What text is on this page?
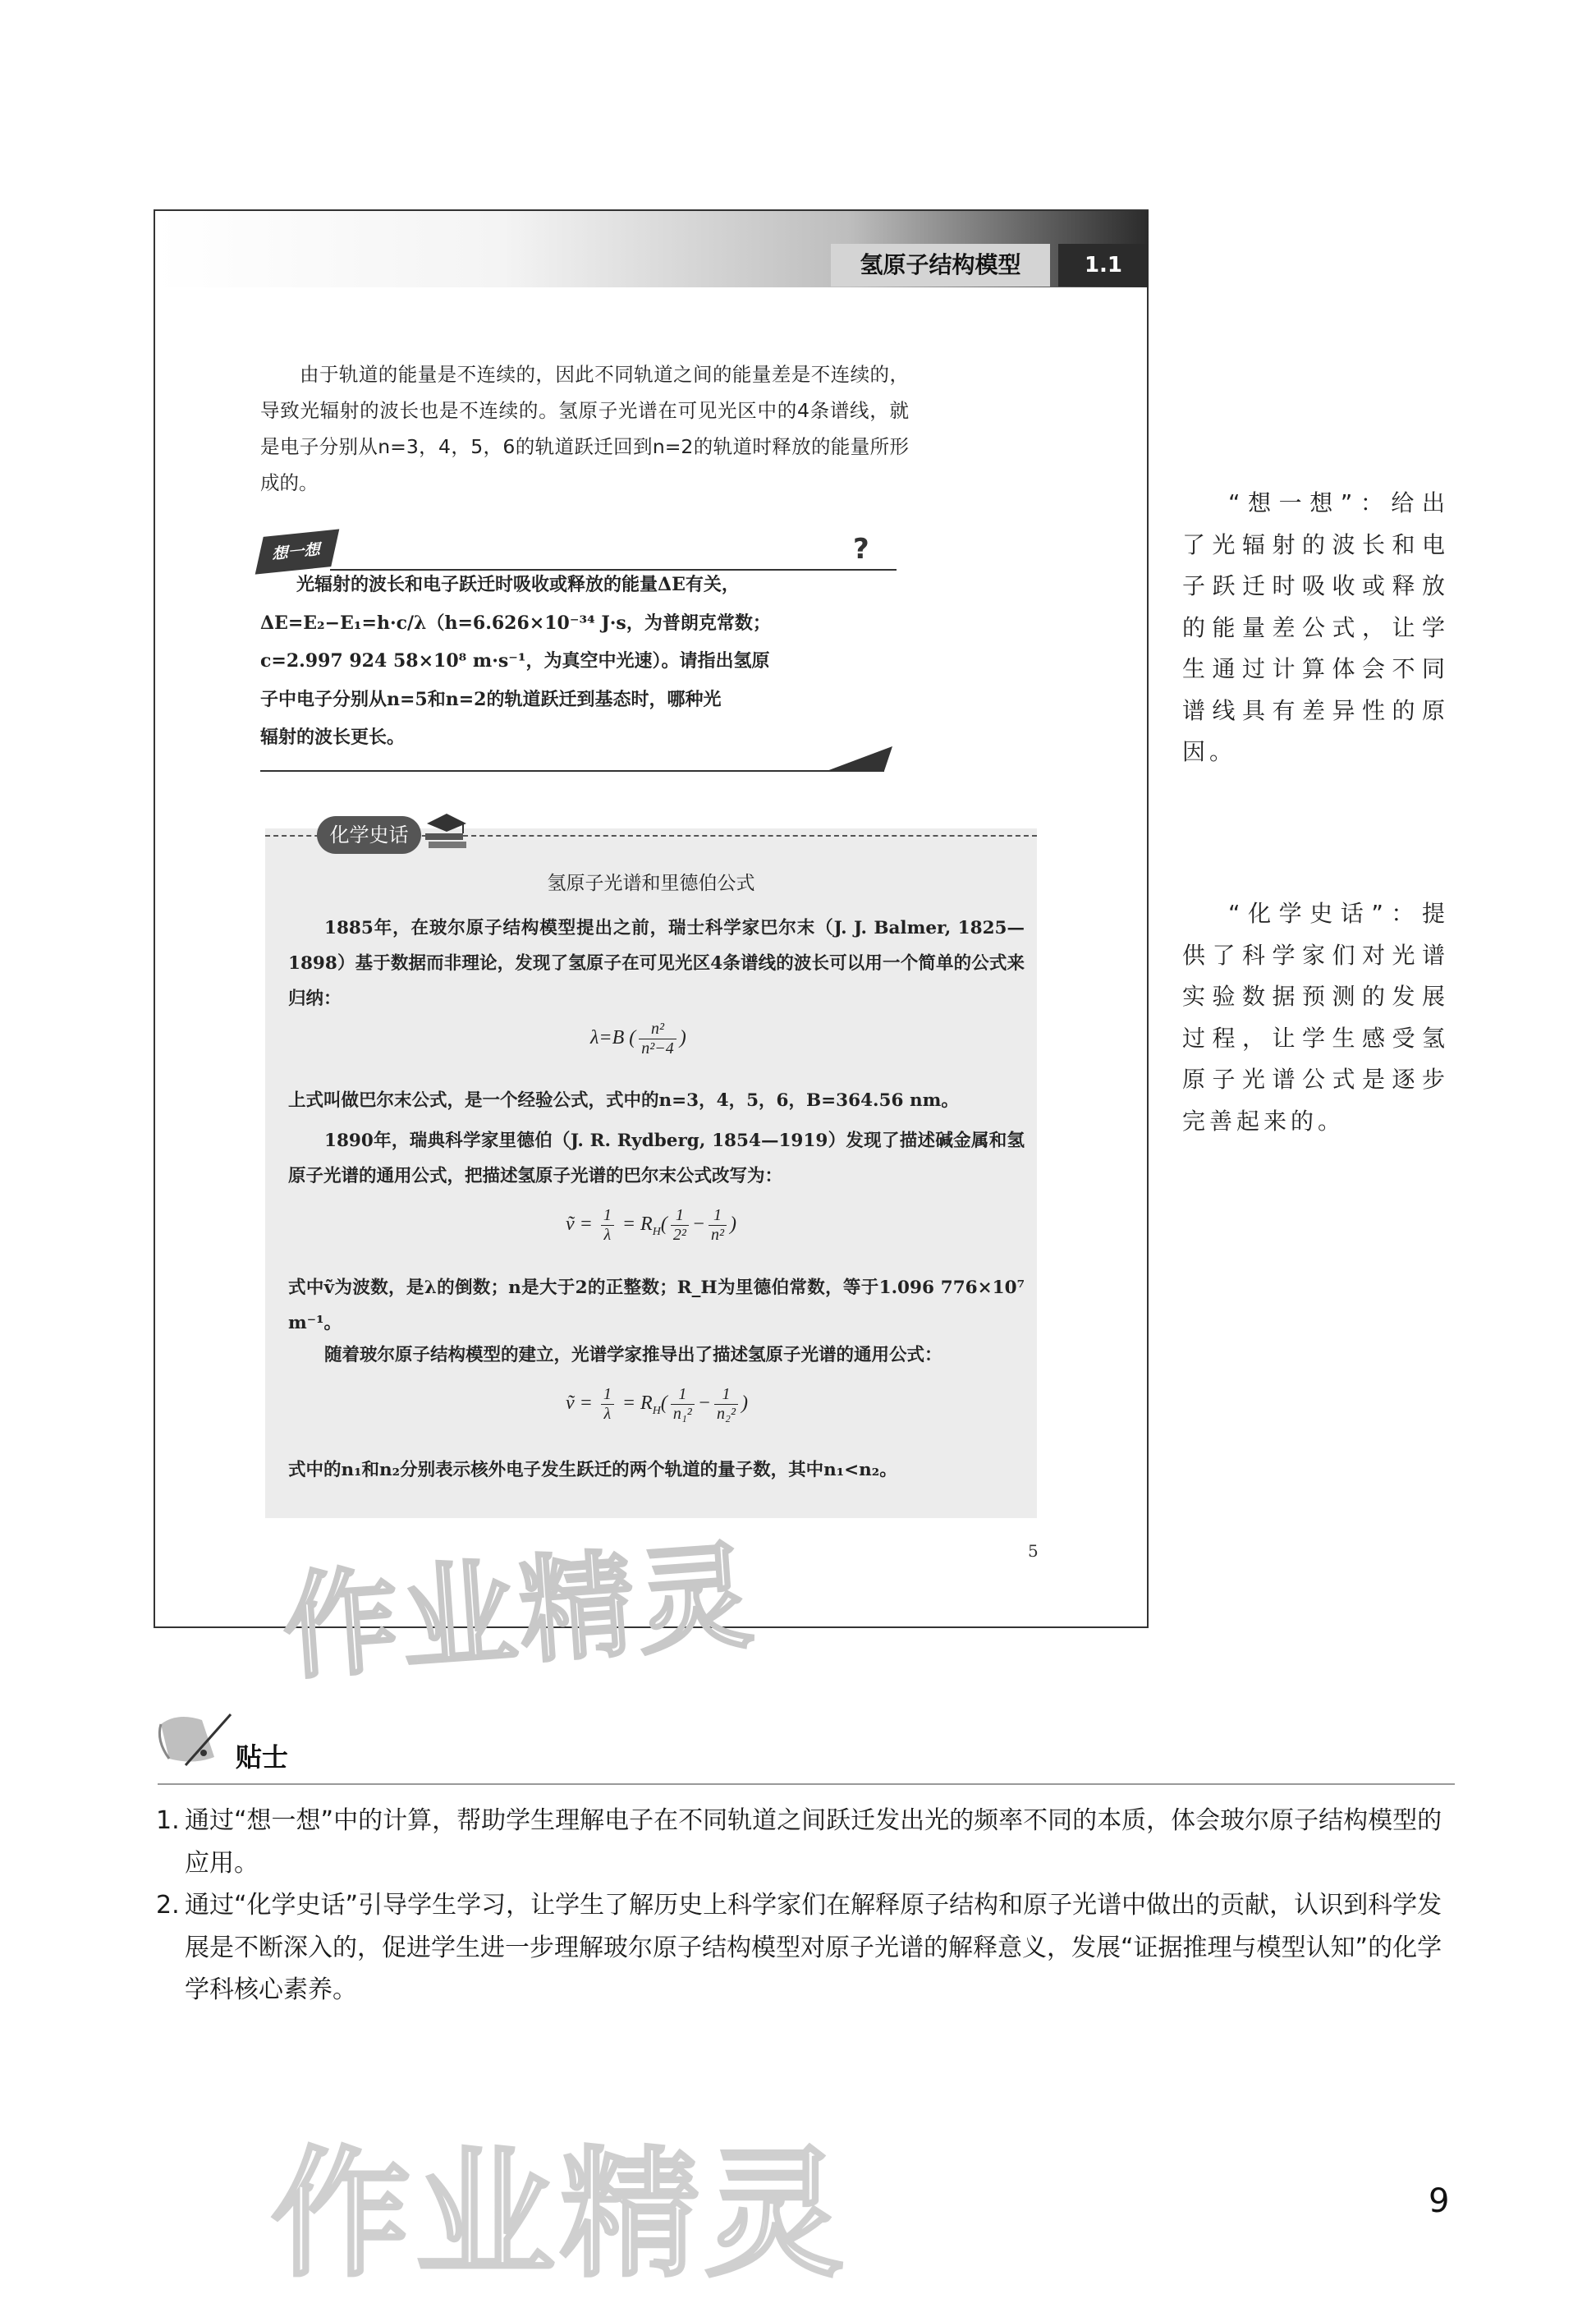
氢原子结构模型	1.1
由于轨道的能量是不连续的，因此不同轨道之间的能量差是不连续的，导致光辐射的波长也是不连续的。氢原子光谱在可见光区中的4条谱线，就是电子分别从n=3，4，5，6的轨道跃迁回到n=2的轨道时释放的能量所形成的。
想一想	?
光辐射的波长和电子跃迁时吸收或释放的能量ΔE有关，
ΔE=E₂−E₁=h·c/λ（h=6.626×10⁻³⁴ J·s，为普朗克常数；
c=2.997 924 58×10⁸ m·s⁻¹，为真空中光速）。请指出氢原
子中电子分别从n=5和n=2的轨道跃迁到基态时，哪种光
辐射的波长更长。
化学史话
氢原子光谱和里德伯公式
1885年，在玻尔原子结构模型提出之前，瑞士科学家巴尔末（J. J. Balmer, 1825—1898）基于数据而非理论，发现了氢原子在可见光区4条谱线的波长可以用一个简单的公式来归纳：
λ=B ( $\frac{\text{n²}}{\text{n²−4}}$ )
上式叫做巴尔末公式，是一个经验公式，式中的n=3，4，5，6，B=364.56 nm。
1890年，瑞典科学家里德伯（J. R. Rydberg, 1854—1919）发现了描述碱金属和氢原子光谱的通用公式，把描述氢原子光谱的巴尔末公式改写为：
ṽ = $\frac{1}{\lambda} = R_H( \frac{1}{\text{2²}} - \frac{1}{\text{n²}}$ )
式中ṽ为波数，是λ的倒数；n是大于2的正整数；R_H为里德伯常数，等于1.096 776×10⁷ m⁻¹。
随着玻尔原子结构模型的建立，光谱学家推导出了描述氢原子光谱的通用公式：
ṽ = $\frac{1}{\lambda} = R_H( \frac{1}{\text{n₁²}} - \frac{1}{\text{n₂²}}$ )
式中的n₁和n₂分别表示核外电子发生跃迁的两个轨道的量子数，其中n₁<n₂。
5
作业精灵
“想一想”：给出了光辐射的波长和电子跃迁时吸收或释放的能量差公式，让学生通过计算体会不同谱线具有差异性的原因。
“化学史话”：提供了科学家们对光谱实验数据预测的发展过程，让学生感受氢原子光谱公式是逐步完善起来的。
贴士
1. 通过“想一想”中的计算，帮助学生理解电子在不同轨道之间跃迁发出光的频率不同的本质，体会玻尔原子结构模型的应用。
2. 通过“化学史话”引导学生学习，让学生了解历史上科学家们在解释原子结构和原子光谱中做出的贡献，认识到科学发展是不断深入的，促进学生进一步理解玻尔原子结构模型对原子光谱的解释意义，发展“证据推理与模型认知”的化学学科核心素养。
作业精灵	9
